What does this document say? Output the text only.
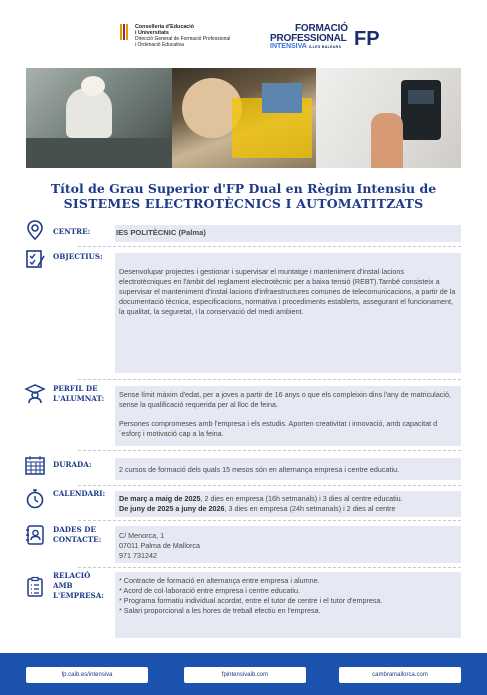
Conselleria d'Educació
i Universitats
Direcció General de Formació Professional
i Ordenació Educativa
FORMACIÓ
PROFESSIONAL
INTENSIVA ILLES BALEARS FP
Títol de Grau Superior d'FP Dual en Règim Intensiu de
SISTEMES ELECTROTÈCNICS I AUTOMATITZATS
CENTRE:	IES POLITÈCNIC (Palma)
OBJECTIUS:
Desenvolupar projectes i gestionar i supervisar el muntatge i manteniment d'instal·lacions electrotècniques en l'àmbit del reglament electrotècnic per a baixa tensió (REBT).També consisteix a supervisar el manteniment d'instal·lacions d'infraestructures comunes de telecomunicacions, a partir de la documentació tècnica, especificacions, normativa i procediments establerts, assegurant el funcionament, la qualitat, la seguretat, i la conservació del medi ambient.
PERFIL DE
L'ALUMNAT: Sense límit màxim d'edat, per a joves a partir de 16 anys o que els compleixin dins l'any de matriculació, sense la qualificació requerida per al lloc de feina.

Persones compromeses amb l'empresa i els estudis. Aporten creativitat i innovació, amb capacitat d´esforç i motivació cap a la feina.

DURADA:
2 cursos de formació dels quals 15 mesos són en alternança empresa i centre educatiu.
CALENDARI:

De març a maig de 2025, 2 dies en empresa (16h setmanals) i 3 dies al centre educatiu.

De juny de 2025 a juny de 2026, 3 dies en empresa (24h setmanals) i 2 dies al centre

DADES DE
CONTACTE: C/ Menorca, 1

07011 Palma de Mallorca

971 731242

RELACIÓ
AMB
L'EMPRESA:

* Contracte de formació en alternança entre empresa i alumne.

* Acord de col·laboració entre empresa i centre educatiu.

* Programa formatiu individual acordat, entre el tutor de centre i el tutor d'empresa.

* Salari proporcional a les hores de treball efectiu en l'empresa.

fp.caib.es/intensiva	fpintensivaib.com	cambramallorca.com
